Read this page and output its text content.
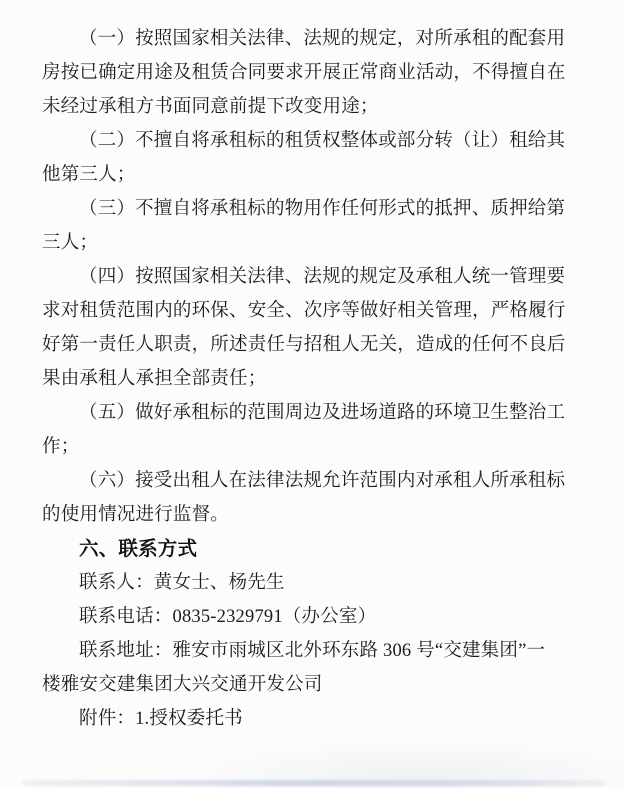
（一）按照国家相关法律、法规的规定，对所承租的配套用
房按已确定用途及租赁合同要求开展正常商业活动，不得擅自在
未经过承租方书面同意前提下改变用途；
（二）不擅自将承租标的租赁权整体或部分转（让）租给其
他第三人；
（三）不擅自将承租标的物用作任何形式的抵押、质押给第
三人；
（四）按照国家相关法律、法规的规定及承租人统一管理要
求对租赁范围内的环保、安全、次序等做好相关管理，严格履行
好第一责任人职责，所述责任与招租人无关，造成的任何不良后
果由承租人承担全部责任；
（五）做好承租标的范围周边及进场道路的环境卫生整治工
作；
（六）接受出租人在法律法规允许范围内对承租人所承租标
的使用情况进行监督。
六、联系方式
联系人：黄女士、杨先生
联系电话：0835-2329791（办公室）
联系地址：雅安市雨城区北外环东路 306 号“交建集团”一
楼雅安交建集团大兴交通开发公司
附件：1.授权委托书
